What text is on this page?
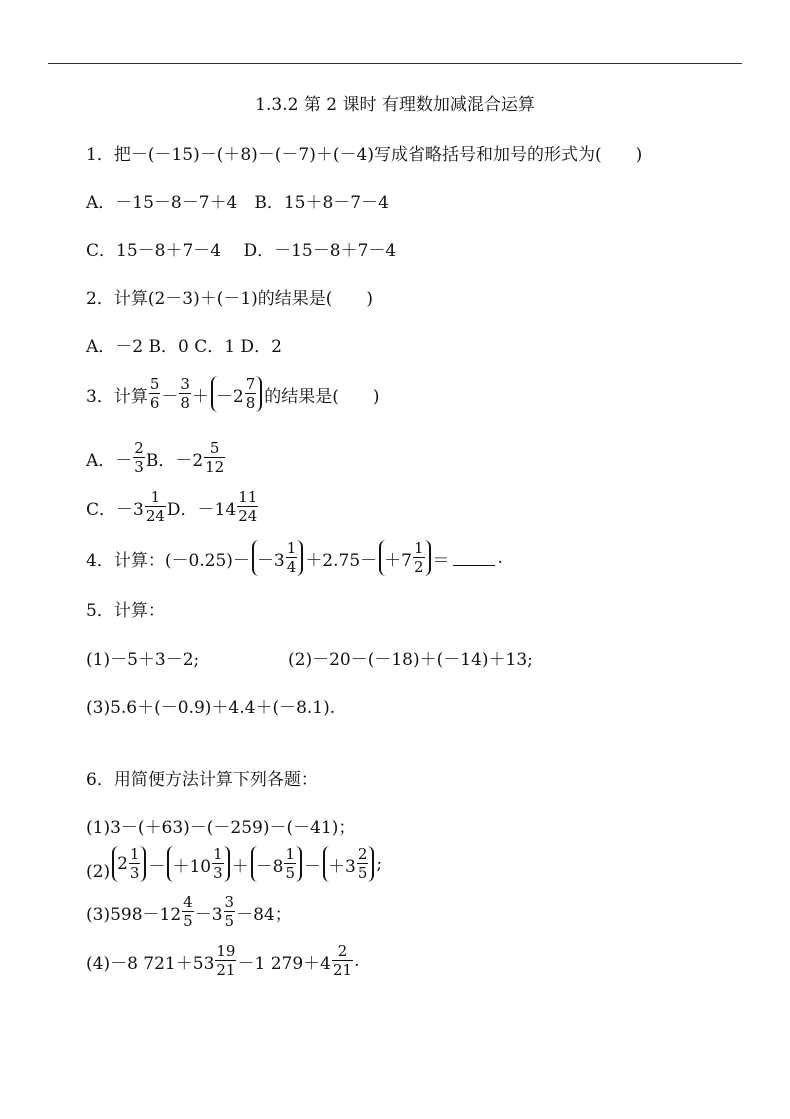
1.3.2 第 2 课时 有理数加减混合运算
1．把－(－15)－(＋8)－(－7)＋(－4)写成省略括号和加号的形式为(　　)
A．－15－8－7＋4　B．15＋8－7－4
C．15－8＋7－4　 D．－15－8＋7－4
2．计算(2－3)＋(－1)的结果是(　　)
A．－2 B．0 C．1 D．2
3．计算 $\frac{5}{6} - \frac{3}{8} + -2 \frac{7}{8}$ 的结果是(　　)
A．－ $\frac{2}{3}$ B．$-2 \frac{5}{12}$
C．$-3 \frac{1}{24}$ D．$-14 \frac{11}{24}$
4．计算：$(-0.25)- -3 \frac{1}{4} +2.75- +7 \frac{1}{2}$ ＝	.
5．计算：
(1)－5＋3－2;	(2)－20－(－18)＋(－14)＋13;
(3)5.6＋(－0.9)＋4.4＋(－8.1).
6．用简便方法计算下列各题：
(1)3－(＋63)－(－259)－(－41)；
(2) $2 \frac{1}{3} - +10 \frac{1}{3} + -8 \frac{1}{5} - +3 \frac{2}{5}$ ;
$(3)598-12 \frac{4}{5} -3 \frac{3}{5} -84$；
(4)－8 $721+53 \frac{19}{21} -1$ $279+4 \frac{2}{21}$ .
